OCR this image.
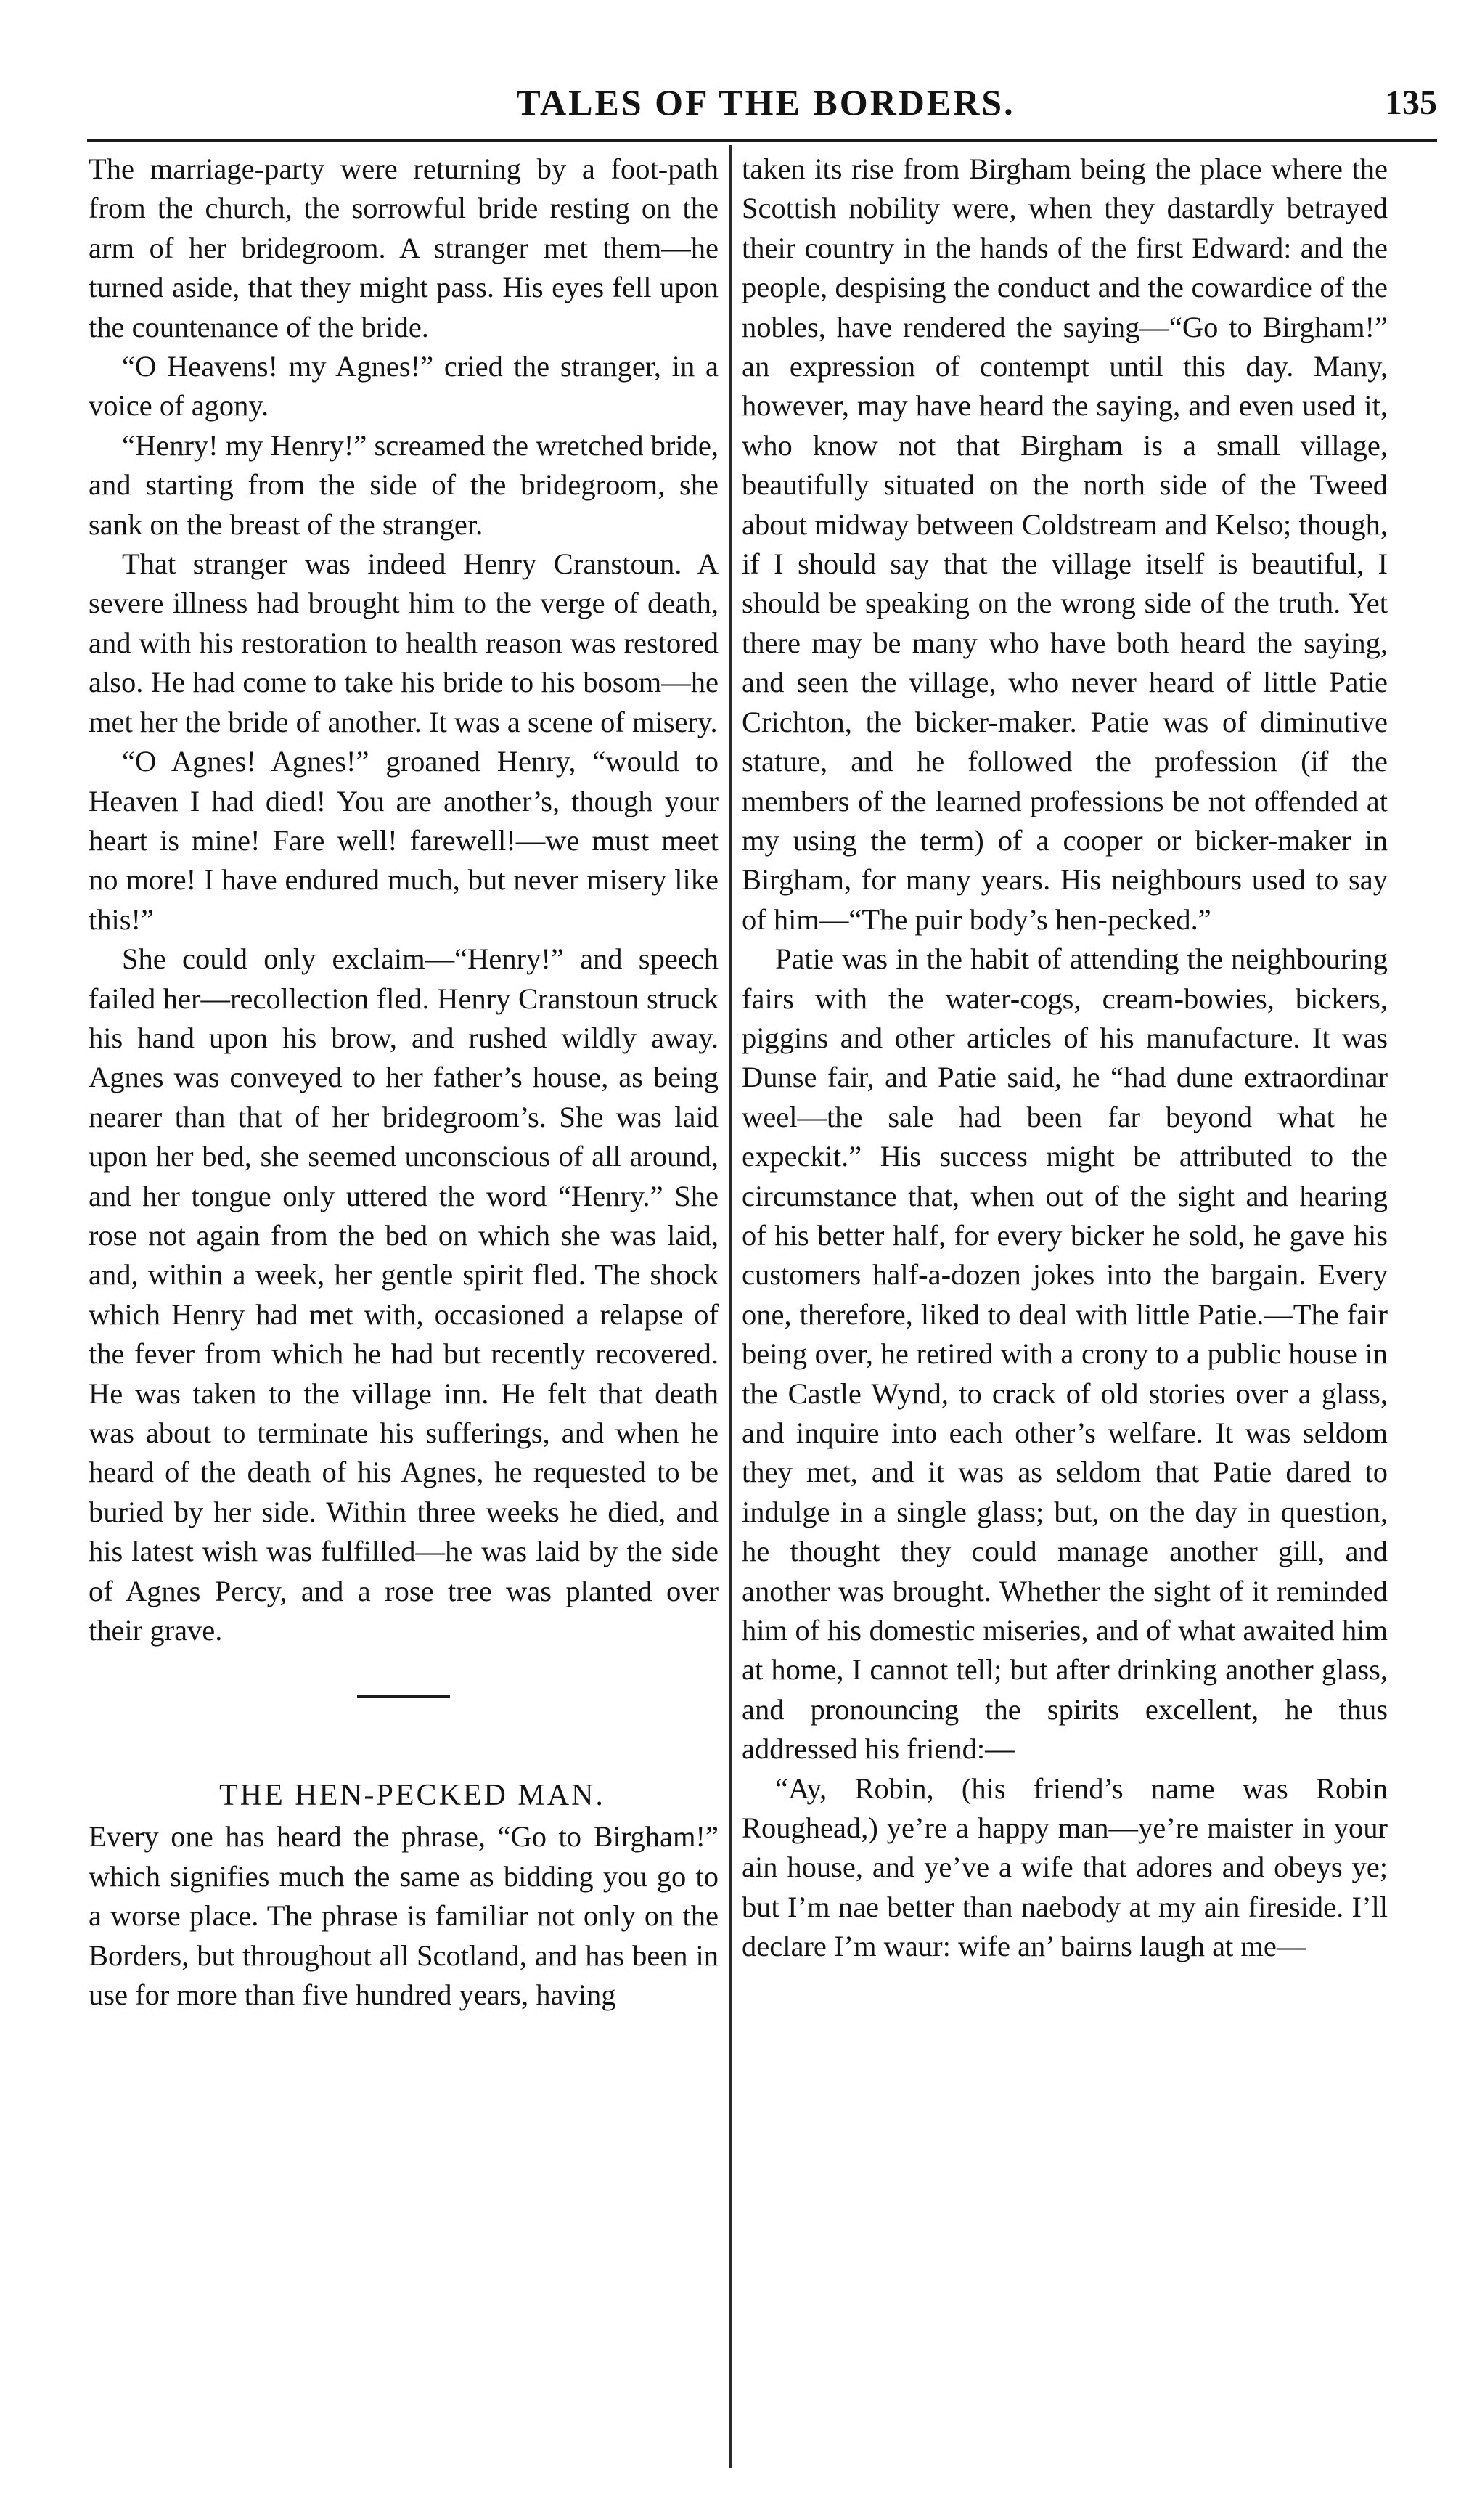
TALES OF THE BORDERS.	135

The marriage-party were returning by a foot-path from the church, the sorrowful bride resting on the arm of her bridegroom. A stranger met them—he turned aside, that they might pass. His eyes fell upon the countenance of the bride.

“O Heavens! my Agnes!” cried the stranger, in a voice of agony.

“Henry! my Henry!” screamed the wretched bride, and starting from the side of the bridegroom, she sank on the breast of the stranger.

That stranger was indeed Henry Cranstoun. A severe illness had brought him to the verge of death, and with his restoration to health reason was restored also. He had come to take his bride to his bosom—he met her the bride of another. It was a scene of misery.

“O Agnes! Agnes!” groaned Henry, “would to Heaven I had died! You are another’s, though your heart is mine! Fare well! farewell!—we must meet no more! I have endured much, but never misery like this!”

She could only exclaim—“Henry!” and speech failed her—recollection fled. Henry Cranstoun struck his hand upon his brow, and rushed wildly away. Agnes was conveyed to her father’s house, as being nearer than that of her bridegroom’s. She was laid upon her bed, she seemed unconscious of all around, and her tongue only uttered the word “Henry.” She rose not again from the bed on which she was laid, and, within a week, her gentle spirit fled. The shock which Henry had met with, occasioned a relapse of the fever from which he had but recently recovered. He was taken to the village inn. He felt that death was about to terminate his sufferings, and when he heard of the death of his Agnes, he requested to be buried by her side. Within three weeks he died, and his latest wish was fulfilled—he was laid by the side of Agnes Percy, and a rose tree was planted over their grave.

THE HEN-PECKED MAN.

Every one has heard the phrase, “Go to Birgham!” which signifies much the same as bidding you go to a worse place. The phrase is familiar not only on the Borders, but throughout all Scotland, and has been in use for more than five hundred years, having

taken its rise from Birgham being the place where the Scottish nobility were, when they dastardly betrayed their country in the hands of the first Edward: and the people, despising the conduct and the cowardice of the nobles, have rendered the saying—“Go to Birgham!” an expression of contempt until this day. Many, however, may have heard the saying, and even used it, who know not that Birgham is a small village, beautifully situated on the north side of the Tweed about midway between Coldstream and Kelso; though, if I should say that the village itself is beautiful, I should be speaking on the wrong side of the truth. Yet there may be many who have both heard the saying, and seen the village, who never heard of little Patie Crichton, the bicker-maker. Patie was of diminutive stature, and he followed the profession (if the members of the learned professions be not offended at my using the term) of a cooper or bicker-maker in Birgham, for many years. His neighbours used to say of him—“The puir body’s hen-pecked.”

Patie was in the habit of attending the neighbouring fairs with the water-cogs, cream-bowies, bickers, piggins and other articles of his manufacture. It was Dunse fair, and Patie said, he “had dune extraordinar weel—the sale had been far beyond what he expeckit.” His success might be attributed to the circumstance that, when out of the sight and hearing of his better half, for every bicker he sold, he gave his customers half-a-dozen jokes into the bargain. Every one, therefore, liked to deal with little Patie.—The fair being over, he retired with a crony to a public house in the Castle Wynd, to crack of old stories over a glass, and inquire into each other’s welfare. It was seldom they met, and it was as seldom that Patie dared to indulge in a single glass; but, on the day in question, he thought they could manage another gill, and another was brought. Whether the sight of it reminded him of his domestic miseries, and of what awaited him at home, I cannot tell; but after drinking another glass, and pronouncing the spirits excellent, he thus addressed his friend:—

“Ay, Robin, (his friend’s name was Robin Roughead,) ye’re a happy man—ye’re maister in your ain house, and ye’ve a wife that adores and obeys ye; but I’m nae better than naebody at my ain fireside. I’ll declare I’m waur: wife an’ bairns laugh at me—
